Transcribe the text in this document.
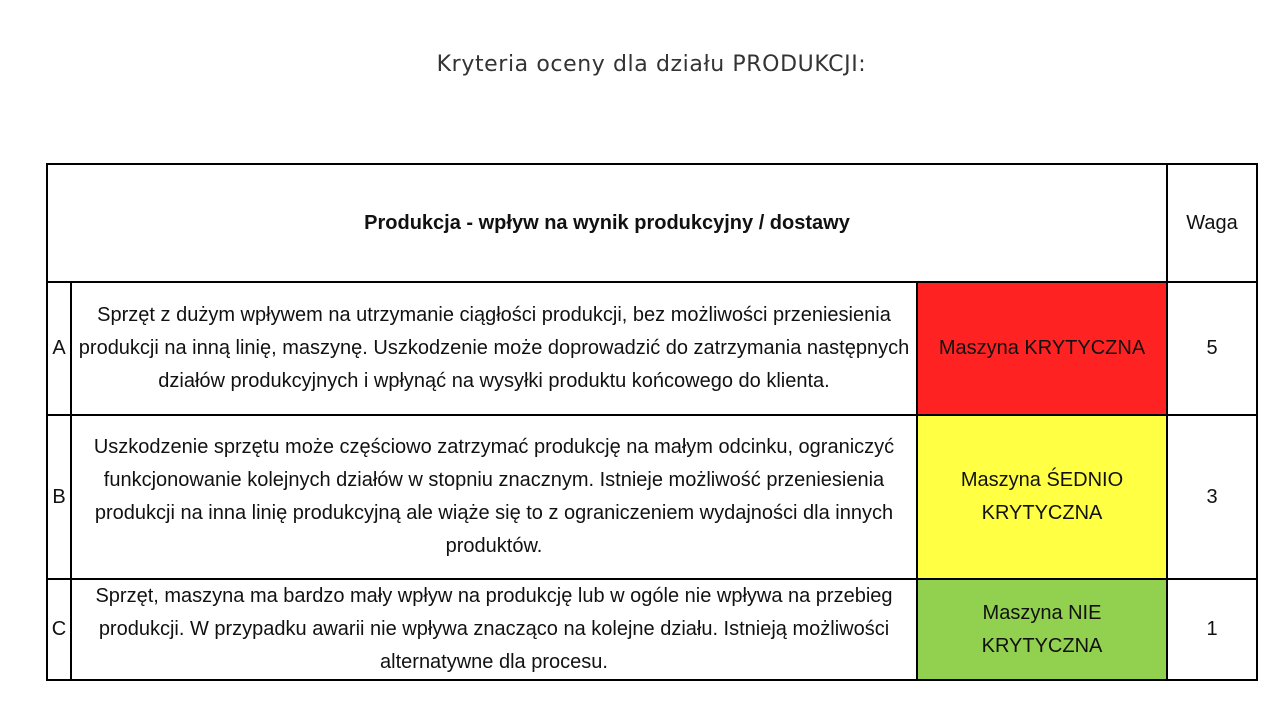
Kryteria oceny dla działu PRODUKCJI:
Produkcja - wpływ na wynik produkcyjny / dostawy			Waga
A	Sprzęt z dużym wpływem na utrzymanie ciągłości produkcji, bez możliwości przeniesienia produkcji na inną linię, maszynę. Uszkodzenie może doprowadzić do zatrzymania następnych działów produkcyjnych i wpłynąć na wysyłki produktu końcowego do klienta.	Maszyna KRYTYCZNA	5
B	Uszkodzenie sprzętu może częściowo zatrzymać produkcję na małym odcinku, ograniczyć funkcjonowanie kolejnych działów w stopniu znacznym. Istnieje możliwość przeniesienia produkcji na inna linię produkcyjną ale wiąże się to z ograniczeniem wydajności dla innych produktów.	Maszyna ŚEDNIO KRYTYCZNA	3
C	Sprzęt, maszyna ma bardzo mały wpływ na produkcję lub w ogóle nie wpływa na przebieg produkcji. W przypadku awarii nie wpływa znacząco na kolejne działu. Istnieją możliwości alternatywne dla procesu.	Maszyna NIE KRYTYCZNA	1
